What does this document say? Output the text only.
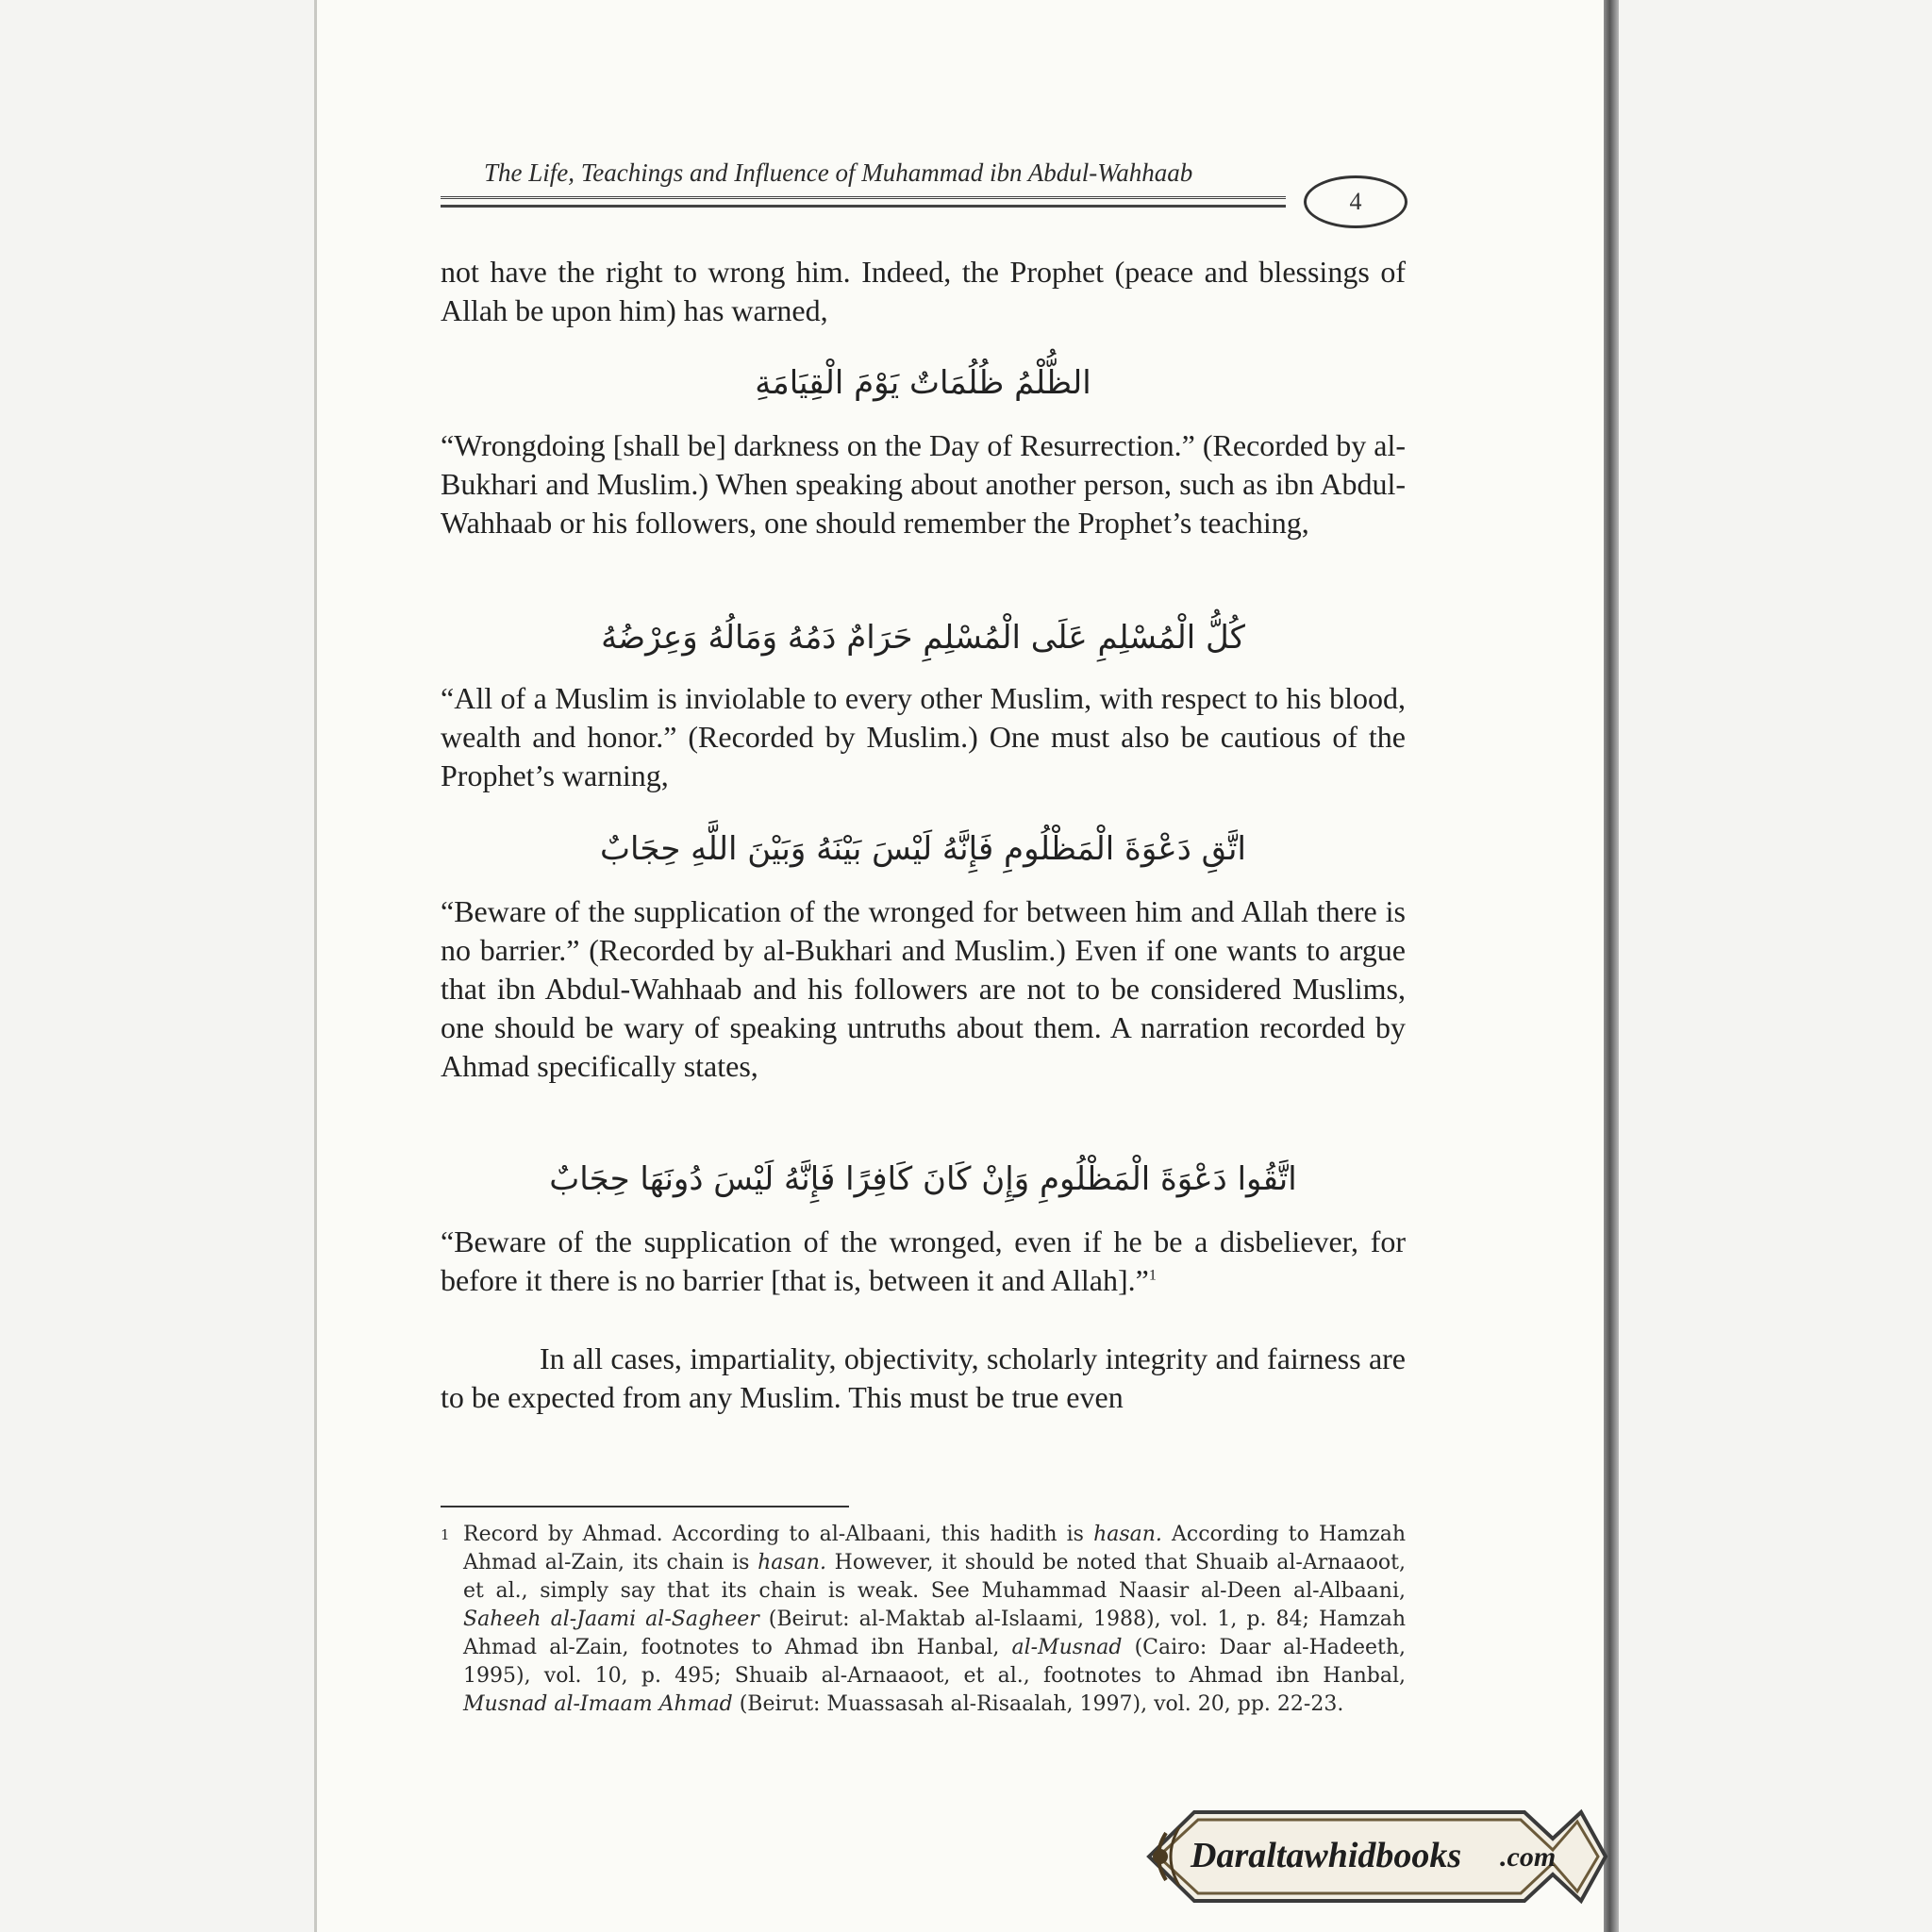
The Life, Teachings and Influence of Muhammad ibn Abdul-Wahhaab
4
not have the right to wrong him. Indeed, the Prophet (peace and blessings of Allah be upon him) has warned,
الظُّلْمُ ظُلُمَاتٌ يَوْمَ الْقِيَامَةِ
“Wrongdoing [shall be] darkness on the Day of Resurrection.” (Recorded by al-Bukhari and Muslim.) When speaking about another person, such as ibn Abdul-Wahhaab or his followers, one should remember the Prophet’s teaching,
كُلُّ الْمُسْلِمِ عَلَى الْمُسْلِمِ حَرَامٌ دَمُهُ وَمَالُهُ وَعِرْضُهُ
“All of a Muslim is inviolable to every other Muslim, with respect to his blood, wealth and honor.” (Recorded by Muslim.) One must also be cautious of the Prophet’s warning,
اتَّقِ دَعْوَةَ الْمَظْلُومِ فَإِنَّهُ لَيْسَ بَيْنَهُ وَبَيْنَ اللَّهِ حِجَابٌ
“Beware of the supplication of the wronged for between him and Allah there is no barrier.” (Recorded by al-Bukhari and Muslim.) Even if one wants to argue that ibn Abdul-Wahhaab and his followers are not to be considered Muslims, one should be wary of speaking untruths about them. A narration recorded by Ahmad specifically states,
اتَّقُوا دَعْوَةَ الْمَظْلُومِ وَإِنْ كَانَ كَافِرًا فَإِنَّهُ لَيْسَ دُونَهَا حِجَابٌ
“Beware of the supplication of the wronged, even if he be a disbeliever, for before it there is no barrier [that is, between it and Allah].”$^1$
In all cases, impartiality, objectivity, scholarly integrity and fairness are to be expected from any Muslim. This must be true even
1 Record by Ahmad. According to al-Albaani, this hadith is hasan. According to Hamzah Ahmad al-Zain, its chain is hasan. However, it should be noted that Shuaib al-Arnaaoot, et al., simply say that its chain is weak. See Muhammad Naasir al-Deen al-Albaani, Saheeh al-Jaami al-Sagheer (Beirut: al-Maktab al-Islaami, 1988), vol. 1, p. 84; Hamzah Ahmad al-Zain, footnotes to Ahmad ibn Hanbal, al-Musnad (Cairo: Daar al-Hadeeth, 1995), vol. 10, p. 495; Shuaib al-Arnaaoot, et al., footnotes to Ahmad ibn Hanbal, Musnad al-Imaam Ahmad (Beirut: Muassasah al-Risaalah, 1997), vol. 20, pp. 22-23.
Daraltawhidbooks .com
